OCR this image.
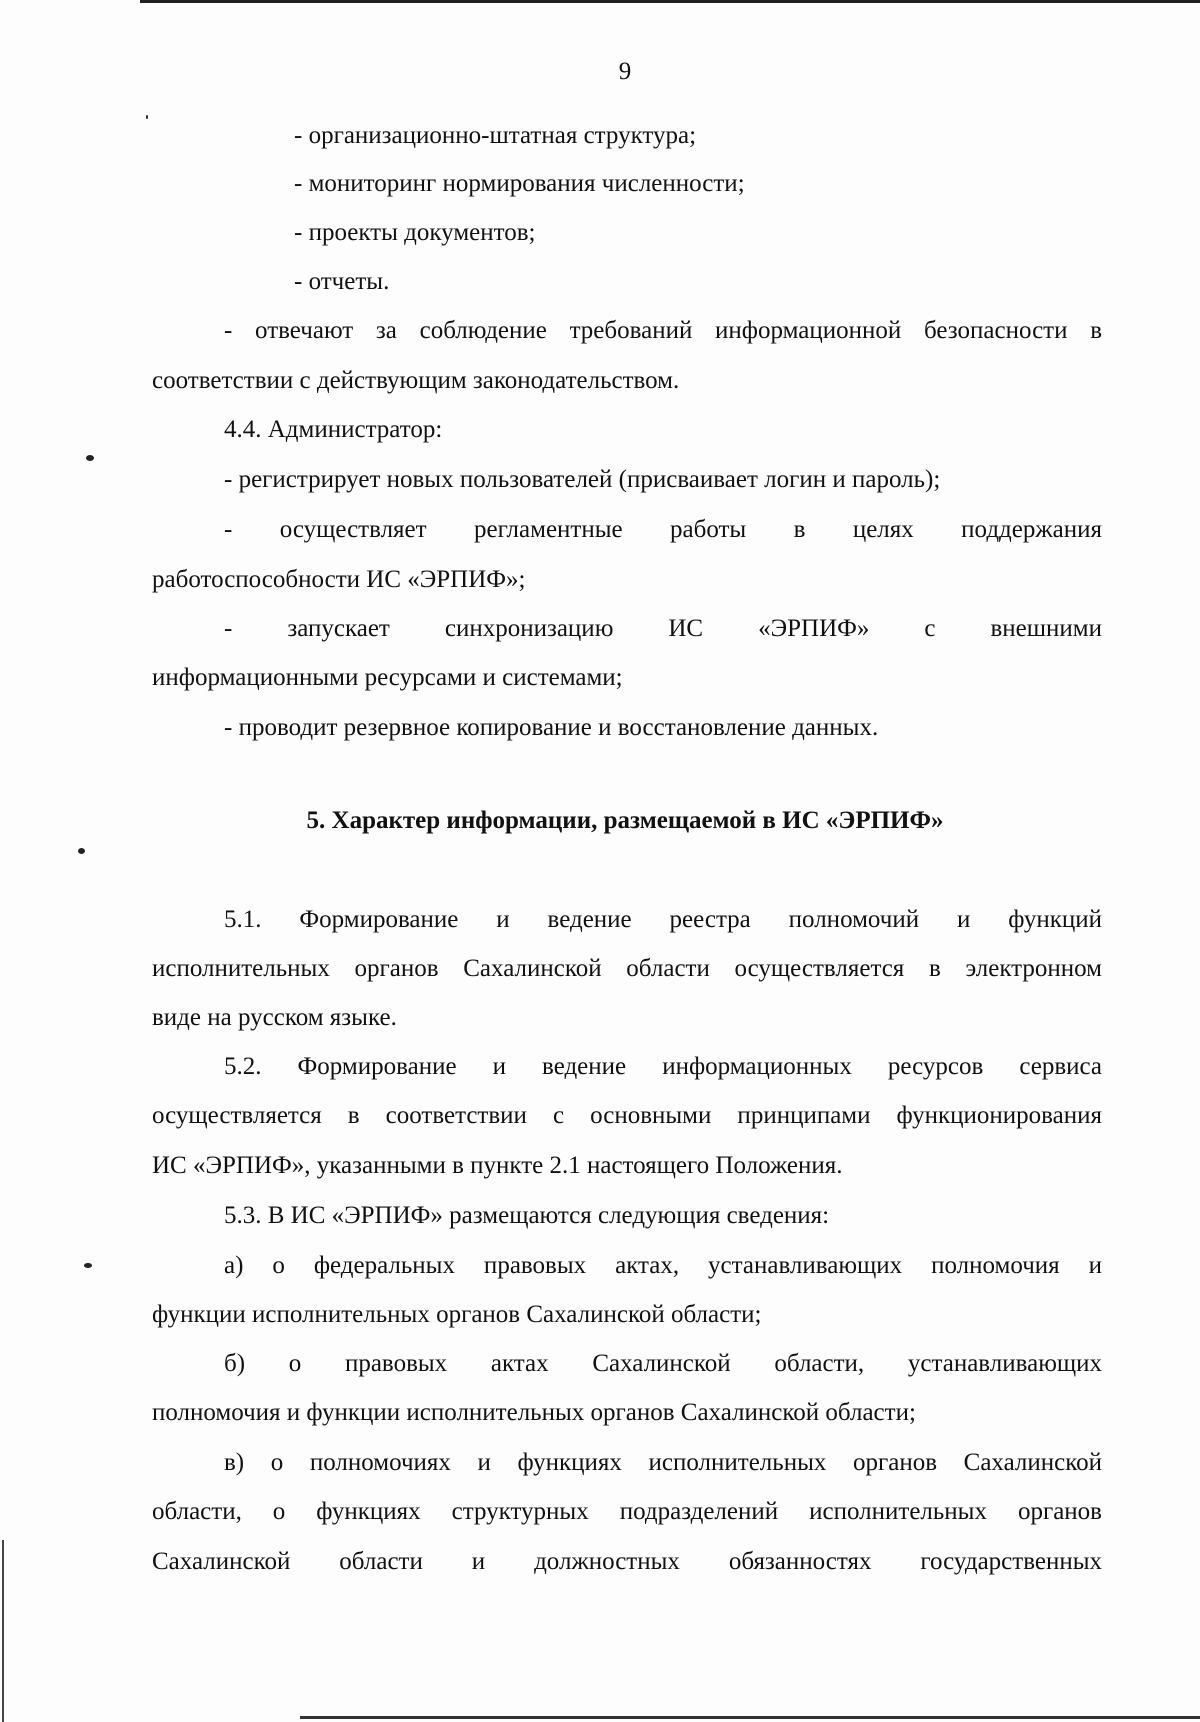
9
- организационно-штатная структура;
- мониторинг нормирования численности;
- проекты документов;
- отчеты.
- отвечают за соблюдение требований информационной безопасности в
соответствии с действующим законодательством.
4.4. Администратор:
- регистрирует новых пользователей (присваивает логин и пароль);
- осуществляет регламентные работы в целях поддержания
работоспособности ИС «ЭРПИФ»;
- запускает синхронизацию ИС «ЭРПИФ» с внешними
информационными ресурсами и системами;
- проводит резервное копирование и восстановление данных.
5. Характер информации, размещаемой в ИС «ЭРПИФ»
5.1. Формирование и ведение реестра полномочий и функций
исполнительных органов Сахалинской области осуществляется в электронном
виде на русском языке.
5.2. Формирование и ведение информационных ресурсов сервиса
осуществляется в соответствии с основными принципами функционирования
ИС «ЭРПИФ», указанными в пункте 2.1 настоящего Положения.
5.3. В ИС «ЭРПИФ» размещаются следующия сведения:
а) о федеральных правовых актах, устанавливающих полномочия и
функции исполнительных органов Сахалинской области;
б) о правовых актах Сахалинской области, устанавливающих
полномочия и функции исполнительных органов Сахалинской области;
в) о полномочиях и функциях исполнительных органов Сахалинской
области, о функциях структурных подразделений исполнительных органов
Сахалинской области и должностных обязанностях государственных
